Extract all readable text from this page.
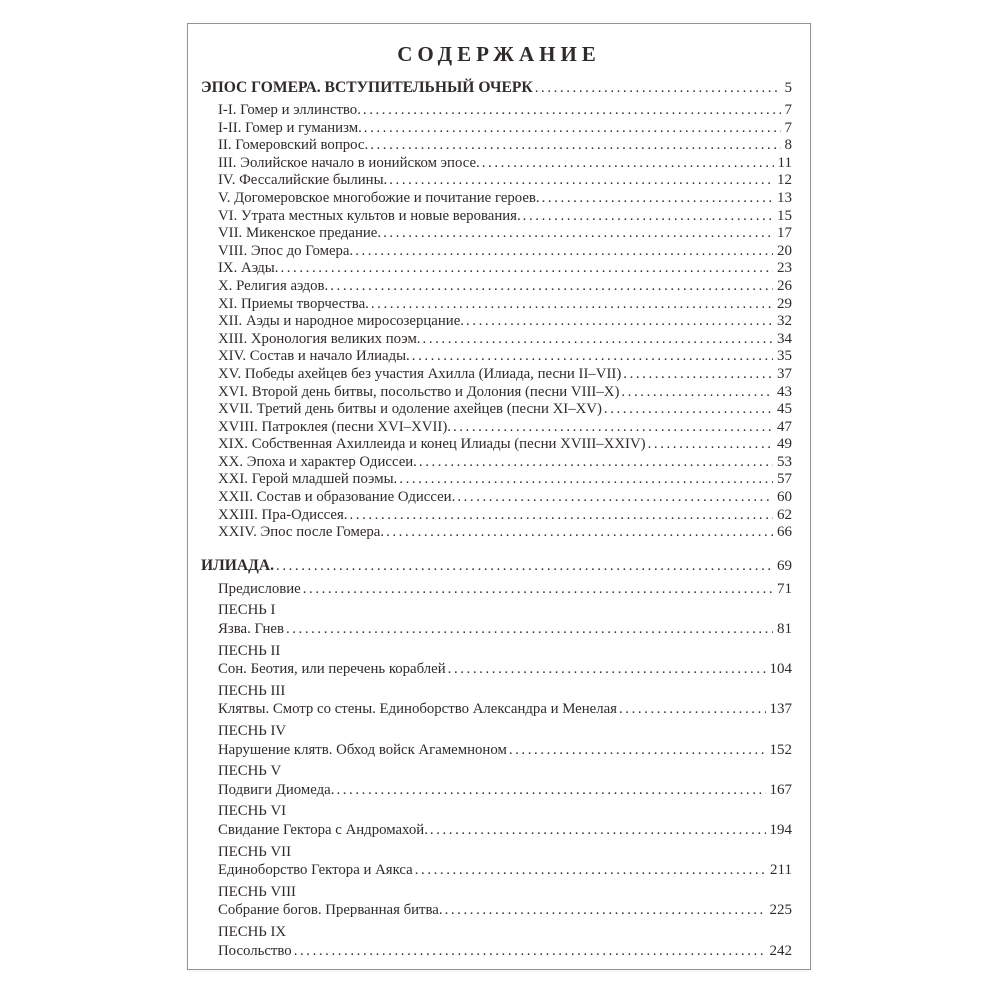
СОДЕРЖАНИЕ
ЭПОС ГОМЕРА. ВСТУПИТЕЛЬНЫЙ ОЧЕРК .....	5
I-I. Гомер и эллинство. .....	7
I-II. Гомер и гуманизм. .....	7
II. Гомеровский вопрос. .....	8
III. Эолийское начало в ионийском эпосе. .....	11
IV. Фессалийские былины. .....	12
V. Догомеровское многобожие и почитание героев. .....	13
VI. Утрата местных культов и новые верования. .....	15
VII. Микенское предание. .....	17
VIII. Эпос до Гомера. .....	20
IX. Аэды. .....	23
X. Религия аэдов. .....	26
XI. Приемы творчества. .....	29
XII. Аэды и народное миросозерцание. .....	32
XIII. Хронология великих поэм. .....	34
XIV. Состав и начало Илиады. .....	35
XV. Победы ахейцев без участия Ахилла (Илиада, песни II–VII) .....	37
XVI. Второй день битвы, посольство и Долония (песни VIII–X) .....	43
XVII. Третий день битвы и одоление ахейцев (песни XI–XV) .....	45
XVIII. Патроклея (песни XVI–XVII). .....	47
XIX. Собственная Ахиллеида и конец Илиады (песни XVIII–XXIV) .....	49
XX. Эпоха и характер Одиссеи. .....	53
XXI. Герой младшей поэмы. .....	57
XXII. Состав и образование Одиссеи. .....	60
XXIII. Пра-Одиссея. .....	62
XXIV. Эпос после Гомера. .....	66
ИЛИАДА. .....	69
Предисловие .....	71
ПЕСНЬ I
Язва. Гнев .....	81
ПЕСНЬ II
Сон. Беотия, или перечень кораблей .....	104
ПЕСНЬ III
Клятвы. Смотр со стены. Единоборство Александра и Менелая .....	137
ПЕСНЬ IV
Нарушение клятв. Обход войск Агамемноном .....	152
ПЕСНЬ V
Подвиги Диомеда. .....	167
ПЕСНЬ VI
Свидание Гектора с Андромахой. .....	194
ПЕСНЬ VII
Единоборство Гектора и Аякса .....	211
ПЕСНЬ VIII
Собрание богов. Прерванная битва. .....	225
ПЕСНЬ IX
Посольство .....	242
